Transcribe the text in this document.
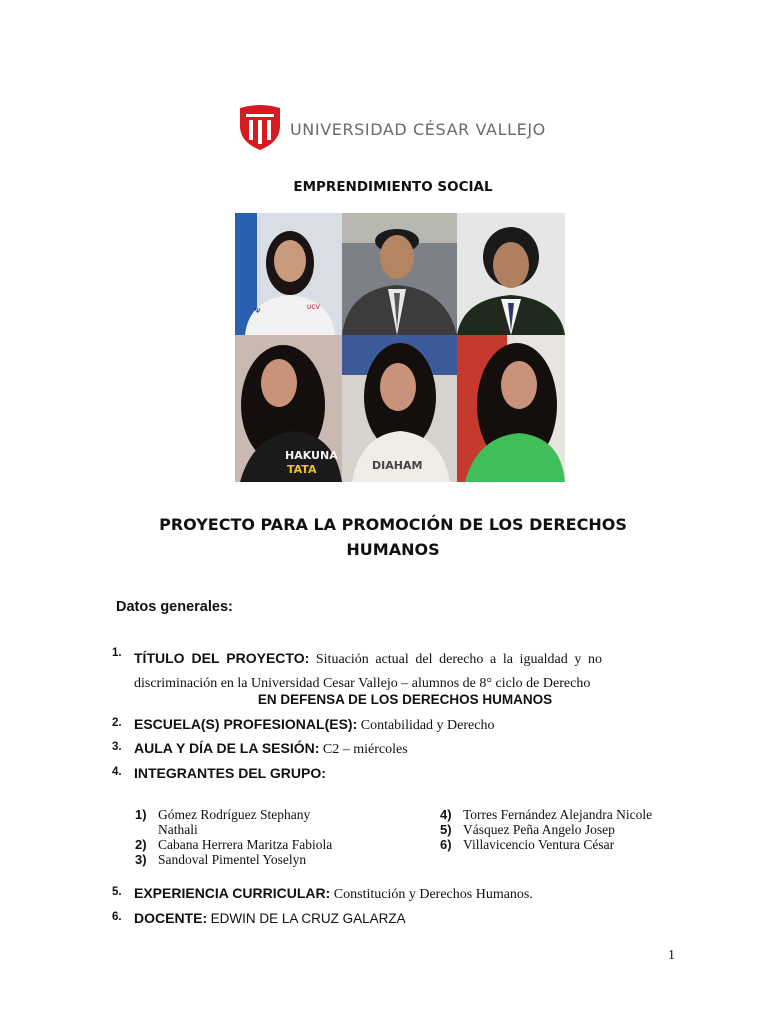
UNIVERSIDAD CÉSAR VALLEJO
EMPRENDIMIENTO SOCIAL
Ψ	UCV
HAKUNA
TATA	DIAHAM
PROYECTO PARA LA PROMOCIÓN DE LOS DERECHOS HUMANOS
Datos generales:
1. TÍTULO DEL PROYECTO: Situación actual del derecho a la igualdad y no discriminación en la Universidad Cesar Vallejo – alumnos de 8° ciclo de Derecho
EN DEFENSA DE LOS DERECHOS HUMANOS
2. ESCUELA(S) PROFESIONAL(ES): Contabilidad y Derecho
3. AULA Y DÍA DE LA SESIÓN: C2 – miércoles
4. INTEGRANTES DEL GRUPO:
1) Gómez Rodríguez Stephany Nathali
2) Cabana Herrera Maritza Fabiola
3) Sandoval Pimentel Yoselyn
4) Torres Fernández Alejandra Nicole
5) Vásquez Peña Angelo Josep
6) Villavicencio Ventura César
5. EXPERIENCIA CURRICULAR: Constitución y Derechos Humanos.
6. DOCENTE: EDWIN DE LA CRUZ GALARZA
1
